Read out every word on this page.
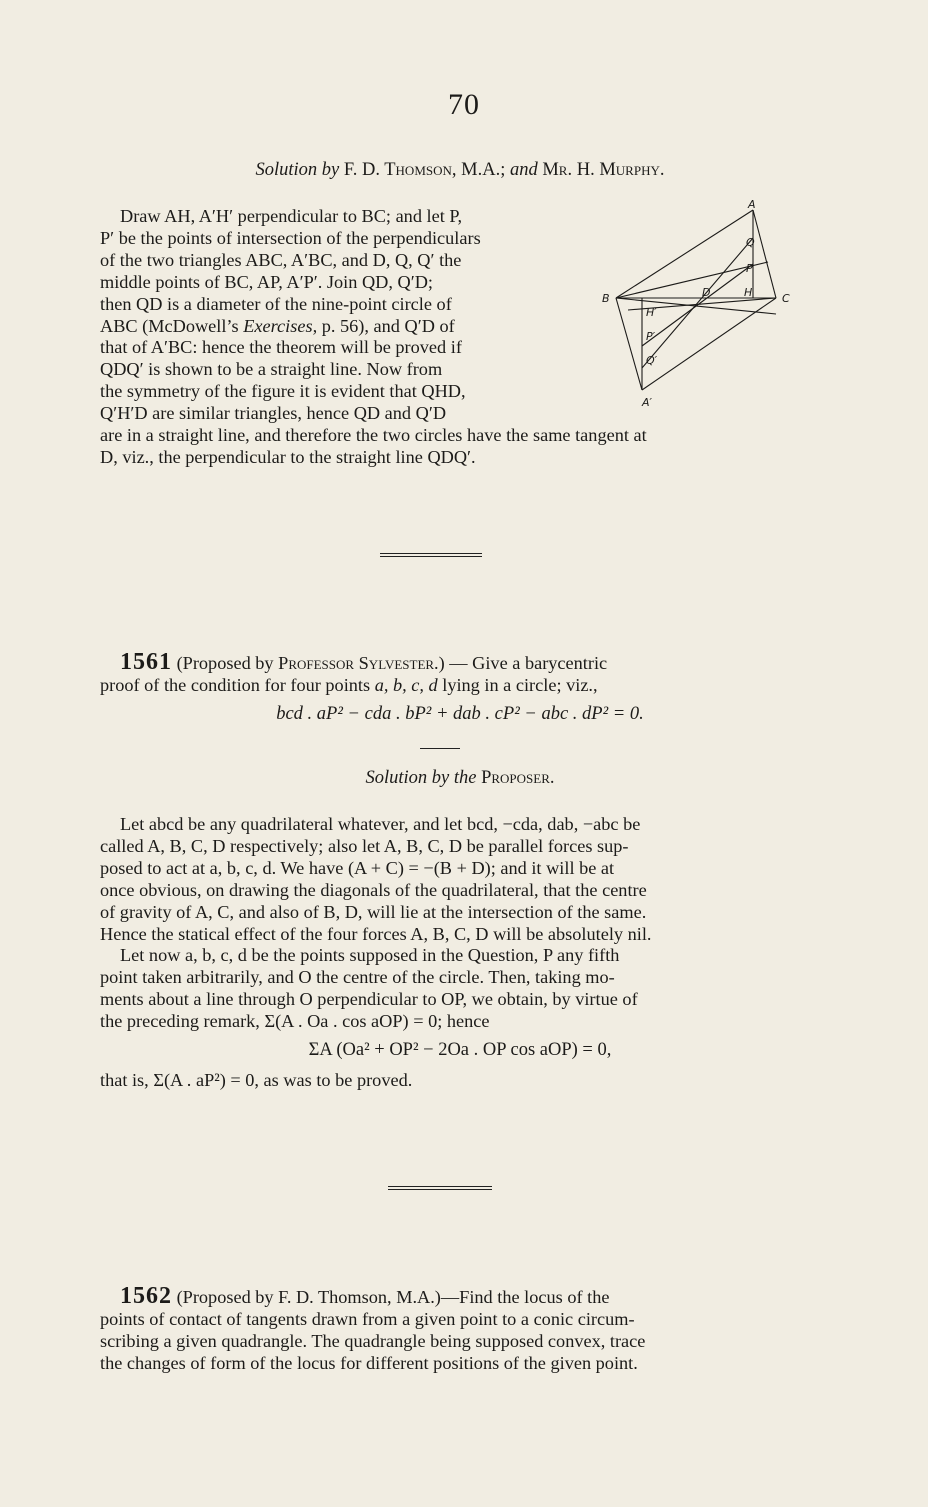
70
Solution by F. D. Thomson, M.A.; and Mr. H. Murphy.

Draw AH, A′H′ perpendicular to BC; and let P,

P′ be the points of intersection of the perpendiculars

of the two triangles ABC, A′BC, and D, Q, Q′ the

middle points of BC, AP, A′P′. Join QD, Q′D;

then QD is a diameter of the nine-point circle of

ABC (McDowell’s Exercises, p. 56), and Q′D of

that of A′BC: hence the theorem will be proved if

QDQ′ is shown to be a straight line. Now from

the symmetry of the figure it is evident that QHD,

Q′H′D are similar triangles, hence QD and Q′D

are in a straight line, and therefore the two circles have the same tangent at

D, viz., the perpendicular to the straight line QDQ′.

A
B	C
D	H
P
Q
H′
P′
Q′
A′

1561 (Proposed by Professor Sylvester.) — Give a barycentric

proof of the condition for four points a, b, c, d lying in a circle; viz.,

bcd . aP² − cda . bP² + dab . cP² − abc . dP² = 0.
Solution by the Proposer.

Let abcd be any quadrilateral whatever, and let bcd, −cda, dab, −abc be

called A, B, C, D respectively; also let A, B, C, D be parallel forces sup-

posed to act at a, b, c, d. We have (A + C) = −(B + D); and it will be at

once obvious, on drawing the diagonals of the quadrilateral, that the centre

of gravity of A, C, and also of B, D, will lie at the intersection of the same.

Hence the statical effect of the four forces A, B, C, D will be absolutely nil.

Let now a, b, c, d be the points supposed in the Question, P any fifth

point taken arbitrarily, and O the centre of the circle. Then, taking mo-

ments about a line through O perpendicular to OP, we obtain, by virtue of

the preceding remark, Σ(A . Oa . cos aOP) = 0; hence

ΣA (Oa² + OP² − 2Oa . OP cos aOP) = 0,

that is, Σ(A . aP²) = 0, as was to be proved.

1562 (Proposed by F. D. Thomson, M.A.)—Find the locus of the

points of contact of tangents drawn from a given point to a conic circum-

scribing a given quadrangle. The quadrangle being supposed convex, trace

the changes of form of the locus for different positions of the given point.
